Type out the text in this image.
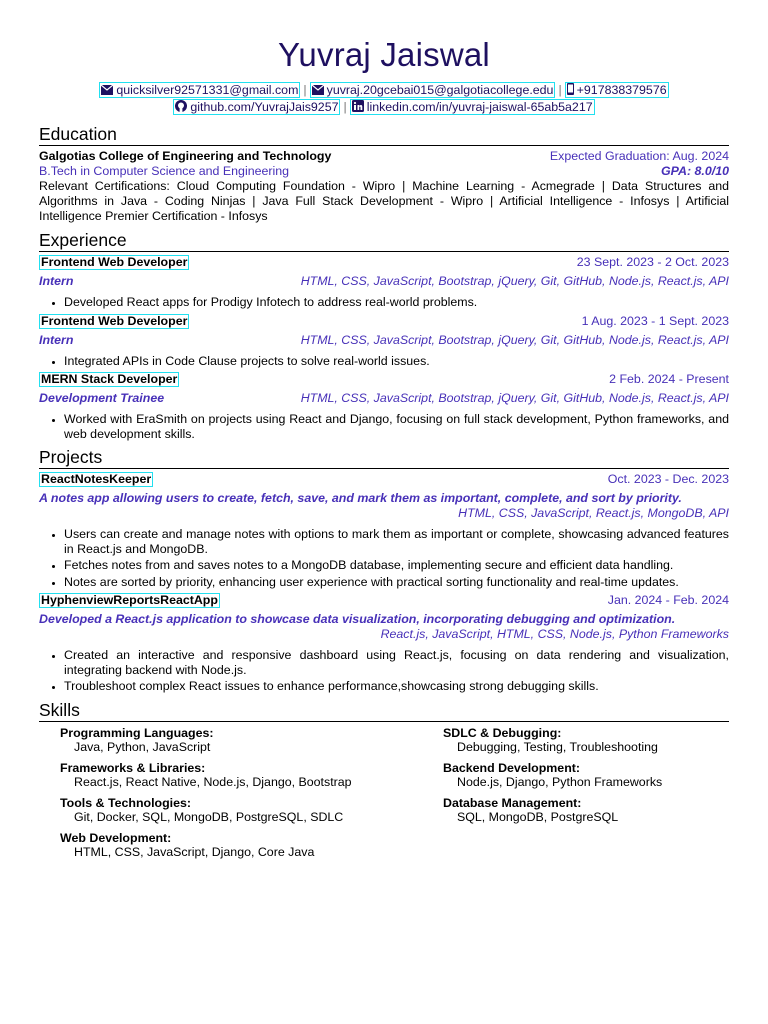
Yuvraj Jaiswal
quicksilver92571331@gmail.com | yuvraj.20gcebai015@galgotiacollege.edu | +917838379576
github.com/YuvrajJais9257 | linkedin.com/in/yuvraj-jaiswal-65ab5a217
Education
Galgotias College of Engineering and Technology	Expected Graduation: Aug. 2024
B.Tech in Computer Science and Engineering	GPA: 8.0/10
Relevant Certifications: Cloud Computing Foundation - Wipro | Machine Learning - Acmegrade | Data Structures and Algorithms in Java - Coding Ninjas | Java Full Stack Development - Wipro | Artificial Intelligence - Infosys | Artificial Intelligence Premier Certification - Infosys
Experience
Frontend Web Developer	23 Sept. 2023 - 2 Oct. 2023
Intern	HTML, CSS, JavaScript, Bootstrap, jQuery, Git, GitHub, Node.js, React.js, API
• Developed React apps for Prodigy Infotech to address real-world problems.
Frontend Web Developer	1 Aug. 2023 - 1 Sept. 2023
Intern	HTML, CSS, JavaScript, Bootstrap, jQuery, Git, GitHub, Node.js, React.js, API
• Integrated APIs in Code Clause projects to solve real-world issues.
MERN Stack Developer	2 Feb. 2024 - Present
Development Trainee	HTML, CSS, JavaScript, Bootstrap, jQuery, Git, GitHub, Node.js, React.js, API
• Worked with EraSmith on projects using React and Django, focusing on full stack development, Python frameworks, and web development skills.
Projects
ReactNotesKeeper	Oct. 2023 - Dec. 2023
A notes app allowing users to create, fetch, save, and mark them as important, complete, and sort by priority.
HTML, CSS, JavaScript, React.js, MongoDB, API
• Users can create and manage notes with options to mark them as important or complete, showcasing advanced features in React.js and MongoDB.
• Fetches notes from and saves notes to a MongoDB database, implementing secure and efficient data handling.
• Notes are sorted by priority, enhancing user experience with practical sorting functionality and real-time updates.
HyphenviewReportsReactApp	Jan. 2024 - Feb. 2024
Developed a React.js application to showcase data visualization, incorporating debugging and optimization.
React.js, JavaScript, HTML, CSS, Node.js, Python Frameworks
• Created an interactive and responsive dashboard using React.js, focusing on data rendering and visualization, integrating backend with Node.js.
• Troubleshoot complex React issues to enhance performance,showcasing strong debugging skills.
Skills
Programming Languages:
Java, Python, JavaScript
SDLC & Debugging:
Debugging, Testing, Troubleshooting
Frameworks & Libraries:
React.js, React Native, Node.js, Django, Bootstrap
Backend Development:
Node.js, Django, Python Frameworks
Tools & Technologies:
Git, Docker, SQL, MongoDB, PostgreSQL, SDLC
Database Management:
SQL, MongoDB, PostgreSQL
Web Development:
HTML, CSS, JavaScript, Django, Core Java
